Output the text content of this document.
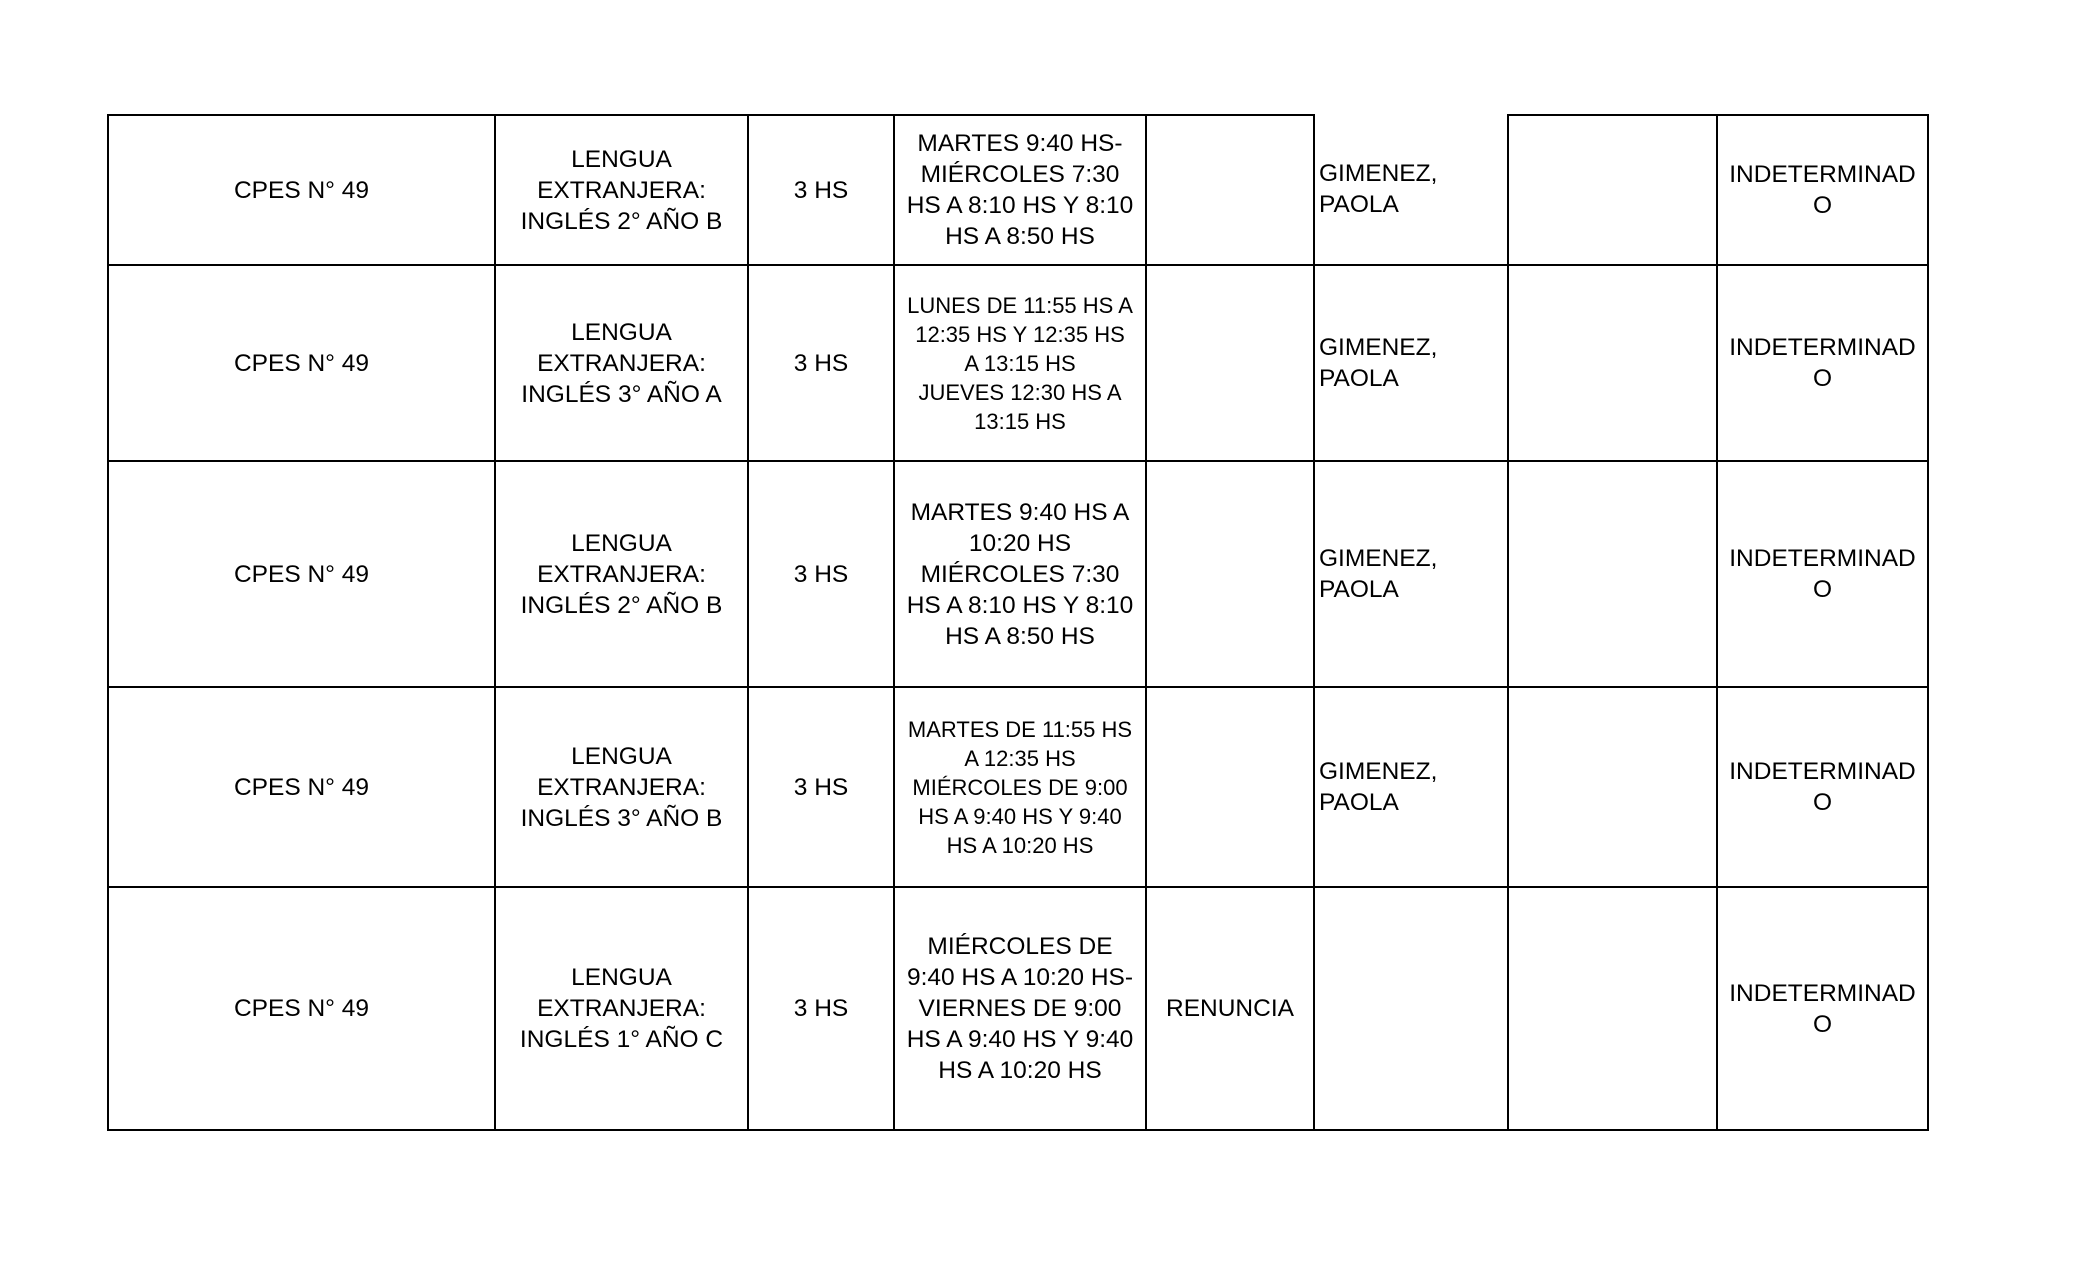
CPES N° 49
LENGUA
EXTRANJERA:
INGLÉS 2° AÑO B
3 HS
MARTES 9:40 HS-
MIÉRCOLES 7:30
HS A 8:10 HS Y 8:10
HS A 8:50 HS
GIMENEZ,
PAOLA
INDETERMINAD
O
CPES N° 49
LENGUA
EXTRANJERA:
INGLÉS 3° AÑO A
3 HS
LUNES DE 11:55 HS A
12:35 HS Y 12:35 HS
A 13:15 HS
JUEVES 12:30 HS A
13:15 HS
GIMENEZ,
PAOLA
INDETERMINAD
O
CPES N° 49
LENGUA
EXTRANJERA:
INGLÉS 2° AÑO B
3 HS
MARTES 9:40 HS A
10:20 HS
MIÉRCOLES 7:30
HS A 8:10 HS Y 8:10
HS A 8:50 HS
GIMENEZ,
PAOLA
INDETERMINAD
O
CPES N° 49
LENGUA
EXTRANJERA:
INGLÉS 3° AÑO B
3 HS
MARTES DE 11:55 HS
A 12:35 HS
MIÉRCOLES DE 9:00
HS A 9:40 HS Y 9:40
HS A 10:20 HS
GIMENEZ,
PAOLA
INDETERMINAD
O
CPES N° 49
LENGUA
EXTRANJERA:
INGLÉS 1° AÑO C
3 HS
MIÉRCOLES DE
9:40 HS A 10:20 HS-
VIERNES DE 9:00
HS A 9:40 HS Y 9:40
HS A 10:20 HS
RENUNCIA
INDETERMINAD
O
